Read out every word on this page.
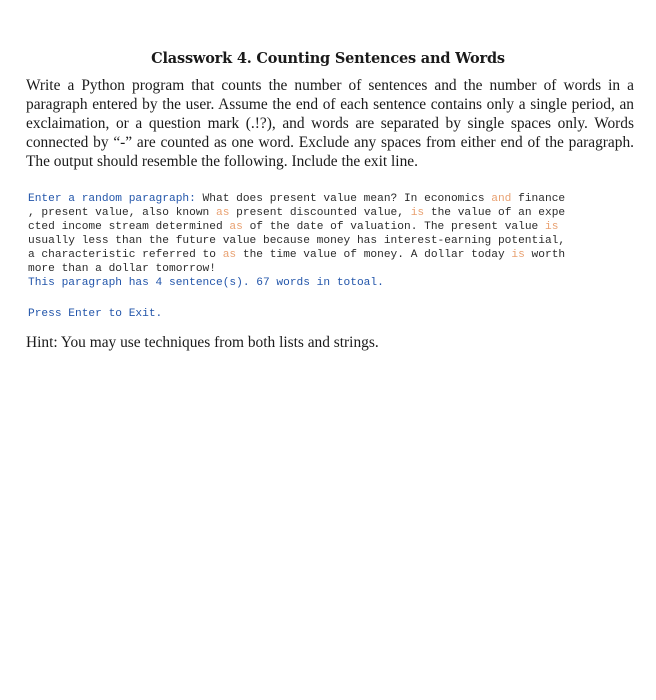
Classwork 4. Counting Sentences and Words

Write a Python program that counts the number of sentences and the number of words in a paragraph entered by the user. Assume the end of each sentence contains only a single period, an exclaimation, or a question mark (.!?), and words are separated by single spaces only. Words connected by “-” are counted as one word. Exclude any spaces from either end of the paragraph. The output should resemble the following. Include the exit line.

Enter a random paragraph: What does present value mean? In economics and finance
, present value, also known as present discounted value, is the value of an expe
cted income stream determined as of the date of valuation. The present value is
usually less than the future value because money has interest-earning potential,
a characteristic referred to as the time value of money. A dollar today is worth
more than a dollar tomorrow!
This paragraph has 4 sentence(s). 67 words in totoal.
Press Enter to Exit.
Hint: You may use techniques from both lists and strings.
